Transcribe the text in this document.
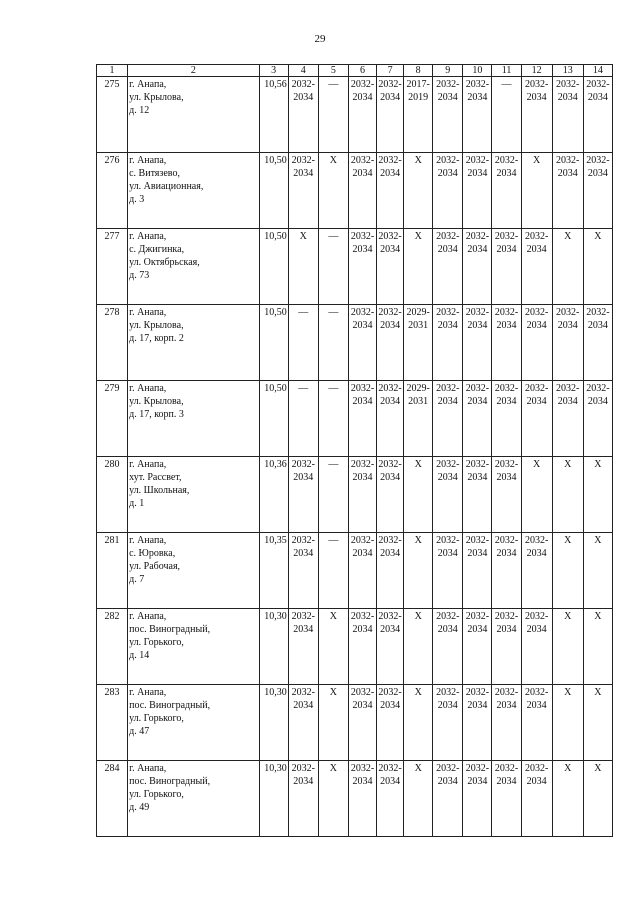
29
1	2	3	4	5	6	7	8	9	10	11	12	13	14
275	г. Анапа,
ул. Крылова,
д. 12	10,56	2032-
2034	—	2032-
2034	2032-
2034	2017-
2019	2032-
2034	2032-
2034	—	2032-
2034	2032-
2034	2032-
2034

276	г. Анапа,
с. Витязево,
ул. Авиационная,
д. 3	10,50	2032-
2034	Х	2032-
2034	2032-
2034	Х	2032-
2034	2032-
2034	2032-
2034	Х	2032-
2034	2032-
2034

277	г. Анапа,
с. Джигинка,
ул. Октябрьская,
д. 73	10,50	Х	—	2032-
2034	2032-
2034	Х	2032-
2034	2032-
2034	2032-
2034	2032-
2034	Х	Х

278	г. Анапа,
ул. Крылова,
д. 17, корп. 2	10,50	—	—	2032-
2034	2032-
2034	2029-
2031	2032-
2034	2032-
2034	2032-
2034	2032-
2034	2032-
2034	2032-
2034

279	г. Анапа,
ул. Крылова,
д. 17, корп. 3	10,50	—	—	2032-
2034	2032-
2034	2029-
2031	2032-
2034	2032-
2034	2032-
2034	2032-
2034	2032-
2034	2032-
2034

280	г. Анапа,
хут. Рассвет,
ул. Школьная,
д. 1	10,36	2032-
2034	—	2032-
2034	2032-
2034	Х	2032-
2034	2032-
2034	2032-
2034	Х	Х	Х

281	г. Анапа,
с. Юровка,
ул. Рабочая,
д. 7	10,35	2032-
2034	—	2032-
2034	2032-
2034	Х	2032-
2034	2032-
2034	2032-
2034	2032-
2034	Х	Х

282	г. Анапа,
пос. Виноградный,
ул. Горького,
д. 14	10,30	2032-
2034	Х	2032-
2034	2032-
2034	Х	2032-
2034	2032-
2034	2032-
2034	2032-
2034	Х	Х

283	г. Анапа,
пос. Виноградный,
ул. Горького,
д. 47	10,30	2032-
2034	Х	2032-
2034	2032-
2034	Х	2032-
2034	2032-
2034	2032-
2034	2032-
2034	Х	Х

284	г. Анапа,
пос. Виноградный,
ул. Горького,
д. 49	10,30	2032-
2034	Х	2032-
2034	2032-
2034	Х	2032-
2034	2032-
2034	2032-
2034	2032-
2034	Х	Х
